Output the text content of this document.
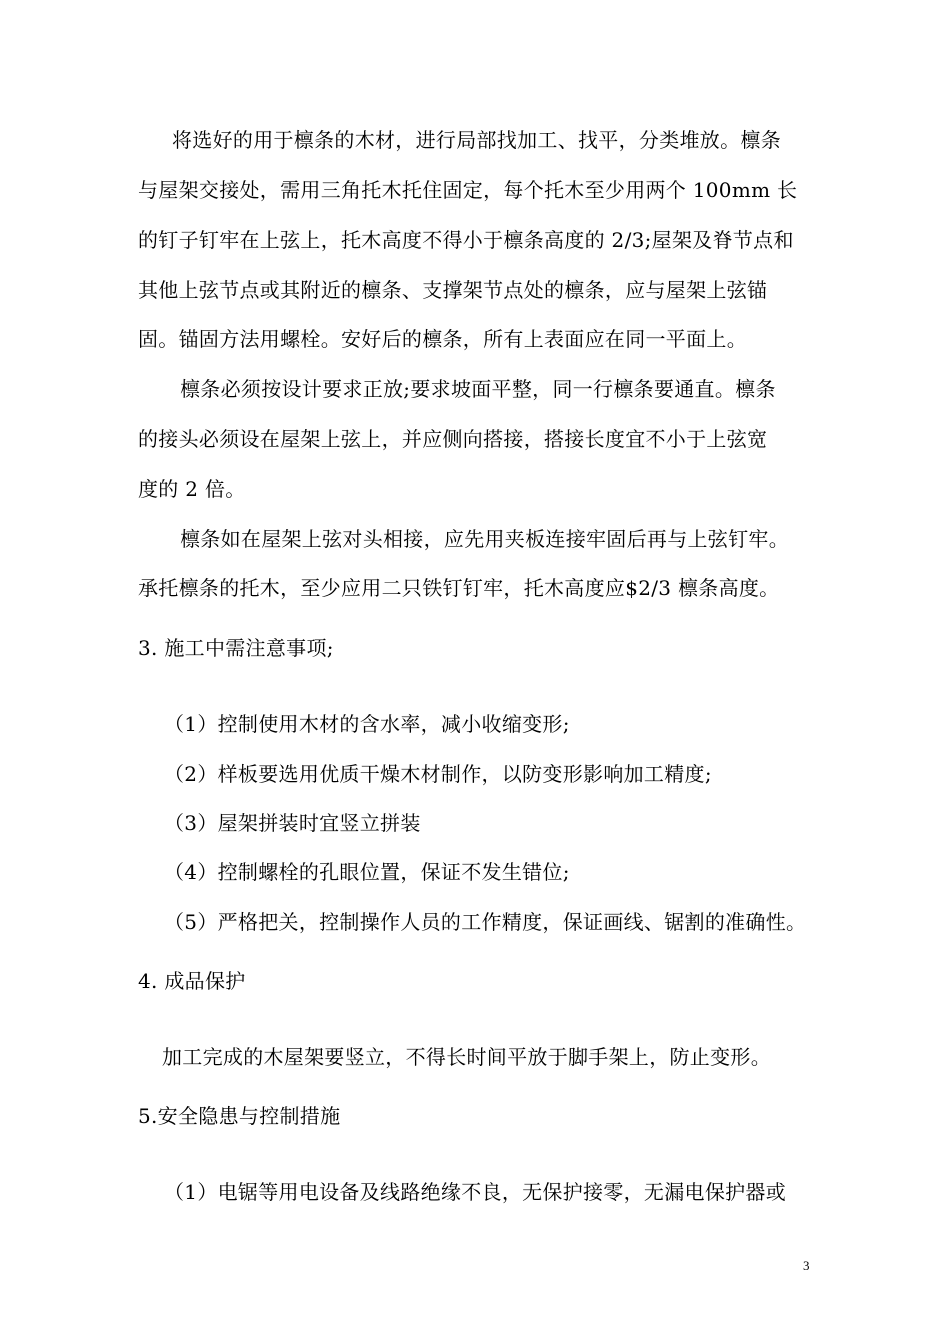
将选好的用于檩条的木材，进行局部找加工、找平，分类堆放。檩条
与屋架交接处，需用三角托木托住固定，每个托木至少用两个 100mm 长
的钉子钉牢在上弦上，托木高度不得小于檩条高度的 2/3;屋架及脊节点和
其他上弦节点或其附近的檩条、支撑架节点处的檩条，应与屋架上弦锚
固。锚固方法用螺栓。安好后的檩条，所有上表面应在同一平面上。
檩条必须按设计要求正放;要求坡面平整，同一行檩条要通直。檩条
的接头必须设在屋架上弦上，并应侧向搭接，搭接长度宜不小于上弦宽
度的 2 倍。
檩条如在屋架上弦对头相接，应先用夹板连接牢固后再与上弦钉牢。
承托檩条的托木，至少应用二只铁钉钉牢，托木高度应$2/3 檩条高度。
3. 施工中需注意事项;
（1）控制使用木材的含水率，减小收缩变形;
（2）样板要选用优质干燥木材制作，以防变形影响加工精度;
（3）屋架拼装时宜竖立拼装
（4）控制螺栓的孔眼位置，保证不发生错位;
（5）严格把关，控制操作人员的工作精度，保证画线、锯割的准确性。
4. 成品保护
加工完成的木屋架要竖立，不得长时间平放于脚手架上，防止变形。
5.安全隐患与控制措施
（1）电锯等用电设备及线路绝缘不良，无保护接零，无漏电保护器或
3
